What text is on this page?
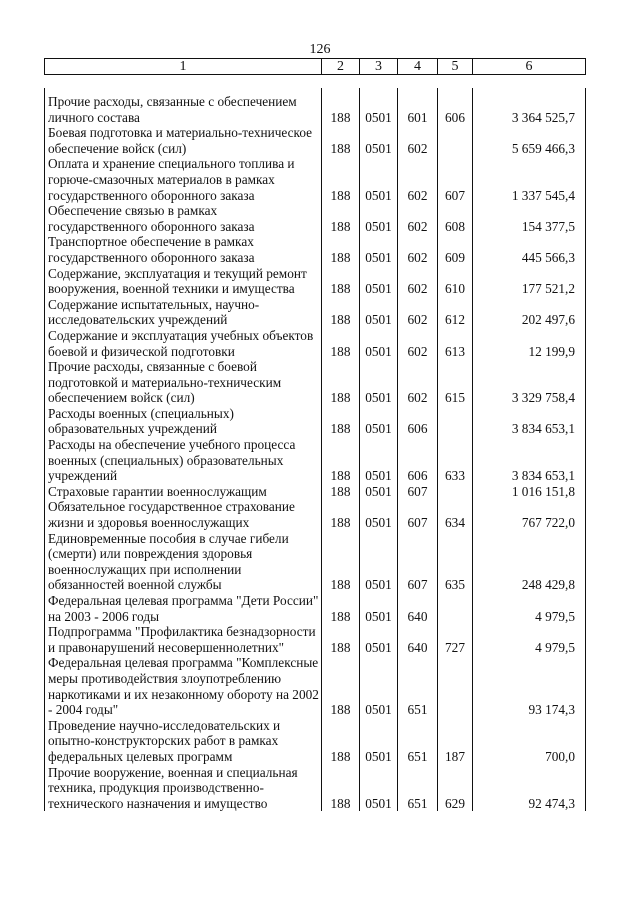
126
1	2	3	4	5	6
Прочие расходы, связанные с обеспечением личного состава	188	0501	601	606	3 364 525,7
Боевая подготовка и материально-техническое обеспечение войск (сил)	188	0501	602		5 659 466,3
Оплата и хранение специального топлива и горюче-смазочных материалов в рамках государственного оборонного заказа	188	0501	602	607	1 337 545,4
Обеспечение связью в рамках государственного оборонного заказа	188	0501	602	608	154 377,5
Транспортное обеспечение в рамках государственного оборонного заказа	188	0501	602	609	445 566,3
Содержание, эксплуатация и текущий ремонт вооружения, военной техники и имущества	188	0501	602	610	177 521,2
Содержание испытательных, научно-исследовательских учреждений	188	0501	602	612	202 497,6
Содержание и эксплуатация учебных объектов боевой и физической подготовки	188	0501	602	613	12 199,9
Прочие расходы, связанные с боевой подготовкой и материально-техническим обеспечением войск (сил)	188	0501	602	615	3 329 758,4
Расходы военных (специальных) образовательных учреждений	188	0501	606		3 834 653,1
Расходы на обеспечение учебного процесса военных (специальных) образовательных учреждений	188	0501	606	633	3 834 653,1
Страховые гарантии военнослужащим	188	0501	607		1 016 151,8
Обязательное государственное страхование жизни и здоровья военнослужащих	188	0501	607	634	767 722,0
Единовременные пособия в случае гибели (смерти) или повреждения здоровья военнослужащих при исполнении обязанностей военной службы	188	0501	607	635	248 429,8
Федеральная целевая программа "Дети России" на 2003 - 2006 годы	188	0501	640		4 979,5
Подпрограмма "Профилактика безнадзорности и правонарушений несовершеннолетних"	188	0501	640	727	4 979,5
Федеральная целевая программа "Комплексные меры противодействия злоупотреблению наркотиками и их незаконному обороту на 2002 - 2004 годы"	188	0501	651		93 174,3
Проведение научно-исследовательских и опытно-конструкторских работ в рамках федеральных целевых программ	188	0501	651	187	700,0
Прочие вооружение, военная и специальная техника, продукция производственно-технического назначения и имущество	188	0501	651	629	92 474,3
